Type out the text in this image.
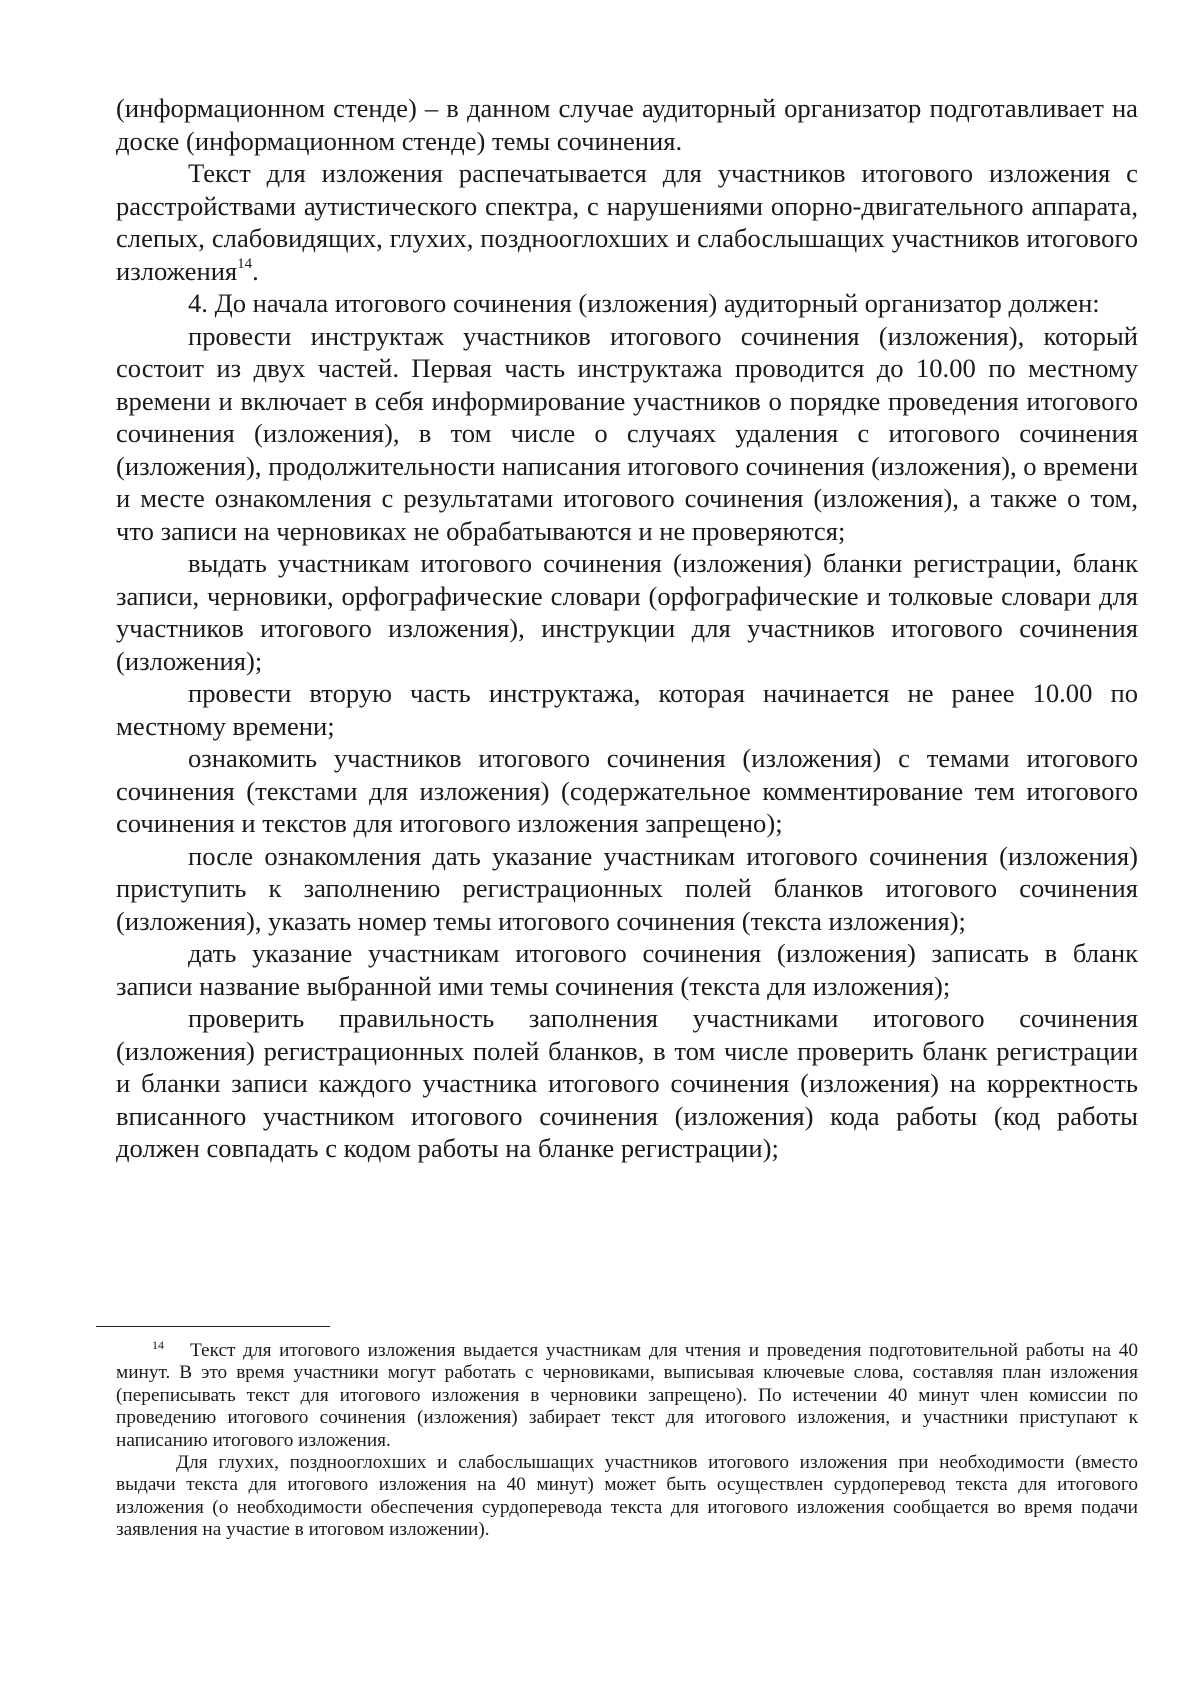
(информационном стенде) – в данном случае аудиторный организатор подготавливает на доске (информационном стенде) темы сочинения.

Текст для изложения распечатывается для участников итогового изложения с расстройствами аутистического спектра, с нарушениями опорно-двигательного аппарата, слепых, слабовидящих, глухих, позднооглохших и слабослышащих участников итогового изложения$^{14}$.

4. До начала итогового сочинения (изложения) аудиторный организатор должен:

провести инструктаж участников итогового сочинения (изложения), который состоит из двух частей. Первая часть инструктажа проводится до 10.00 по местному времени и включает в себя информирование участников о порядке проведения итогового сочинения (изложения), в том числе о случаях удаления с итогового сочинения (изложения), продолжительности написания итогового сочинения (изложения), о времени и месте ознакомления с результатами итогового сочинения (изложения), а также о том, что записи на черновиках не обрабатываются и не проверяются;

выдать участникам итогового сочинения (изложения) бланки регистрации, бланк записи, черновики, орфографические словари (орфографические и толковые словари для участников итогового изложения), инструкции для участников итогового сочинения (изложения);

провести вторую часть инструктажа, которая начинается не ранее 10.00 по местному времени;

ознакомить участников итогового сочинения (изложения) с темами итогового сочинения (текстами для изложения) (содержательное комментирование тем итогового сочинения и текстов для итогового изложения запрещено);

после ознакомления дать указание участникам итогового сочинения (изложения) приступить к заполнению регистрационных полей бланков итогового сочинения (изложения), указать номер темы итогового сочинения (текста изложения);

дать указание участникам итогового сочинения (изложения) записать в бланк записи название выбранной ими темы сочинения (текста для изложения);

проверить правильность заполнения участниками итогового сочинения (изложения) регистрационных полей бланков, в том числе проверить бланк регистрации и бланки записи каждого участника итогового сочинения (изложения) на корректность вписанного участником итогового сочинения (изложения) кода работы (код работы должен совпадать с кодом работы на бланке регистрации);

14 Текст для итогового изложения выдается участникам для чтения и проведения подготовительной работы на 40 минут. В это время участники могут работать с черновиками, выписывая ключевые слова, составляя план изложения (переписывать текст для итогового изложения в черновики запрещено). По истечении 40 минут член комиссии по проведению итогового сочинения (изложения) забирает текст для итогового изложения, и участники приступают к написанию итогового изложения.

Для глухих, позднооглохших и слабослышащих участников итогового изложения при необходимости (вместо выдачи текста для итогового изложения на 40 минут) может быть осуществлен сурдоперевод текста для итогового изложения (о необходимости обеспечения сурдоперевода текста для итогового изложения сообщается во время подачи заявления на участие в итоговом изложении).
